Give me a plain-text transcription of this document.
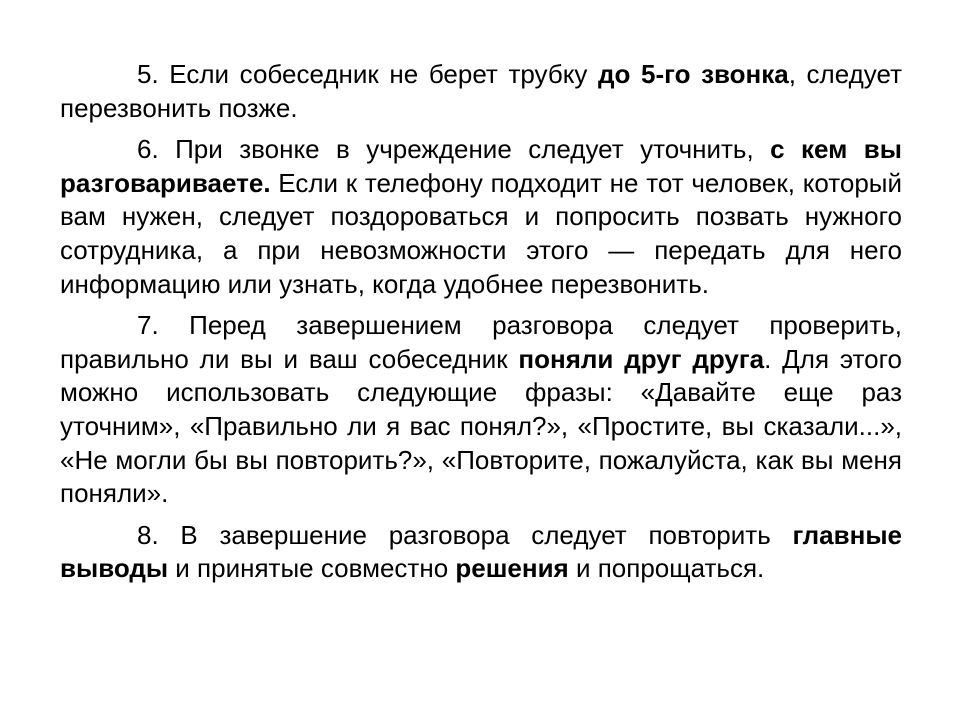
5. Если собеседник не берет трубку до 5-го звонка, следует перезвонить позже.

6. При звонке в учреждение следует уточнить, с кем вы разговариваете. Если к телефону подходит не тот человек, который вам нужен, следует поздороваться и попросить позвать нужного сотрудника, а при невозможности этого — передать для него информацию или узнать, когда удобнее перезвонить.

7. Перед завершением разговора следует проверить, правильно ли вы и ваш собеседник поняли друг друга. Для этого можно использовать следующие фразы: «Давайте еще раз уточним», «Правильно ли я вас понял?», «Простите, вы сказали...», «Не могли бы вы повторить?», «Повторите, пожалуйста, как вы меня поняли».

8. В завершение разговора следует повторить главные выводы и принятые совместно решения и попрощаться.
